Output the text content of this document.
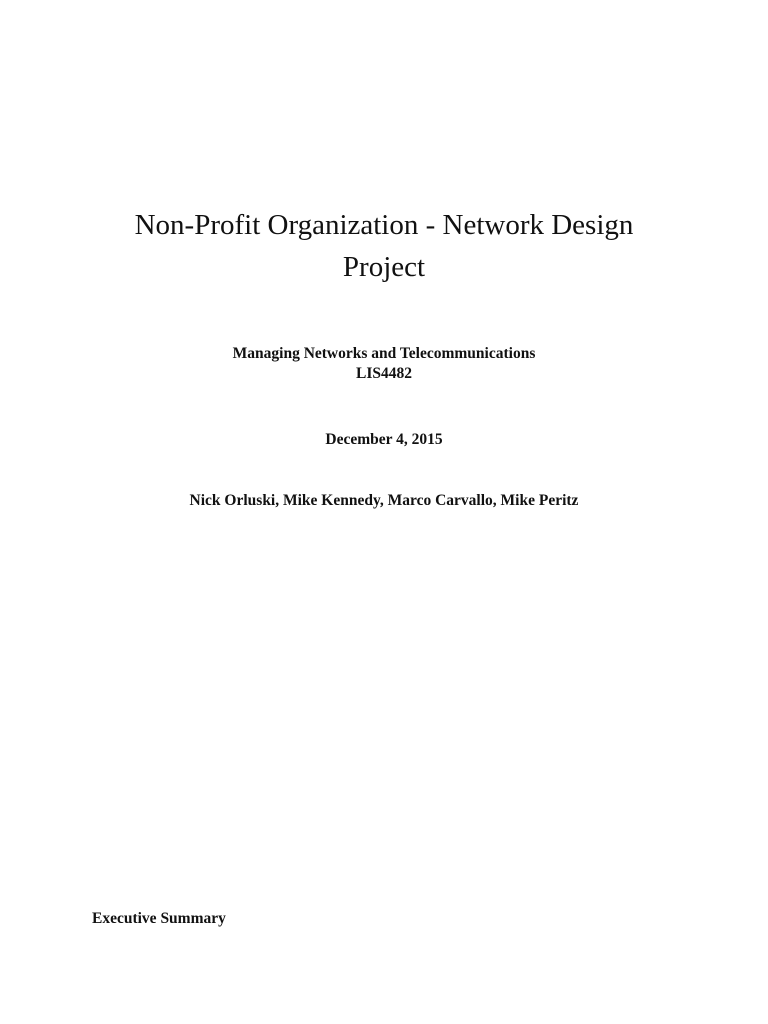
Non-Profit Organization - Network Design
Project
Managing Networks and Telecommunications
LIS4482
December 4, 2015
Nick Orluski, Mike Kennedy, Marco Carvallo, Mike Peritz
Executive Summary
